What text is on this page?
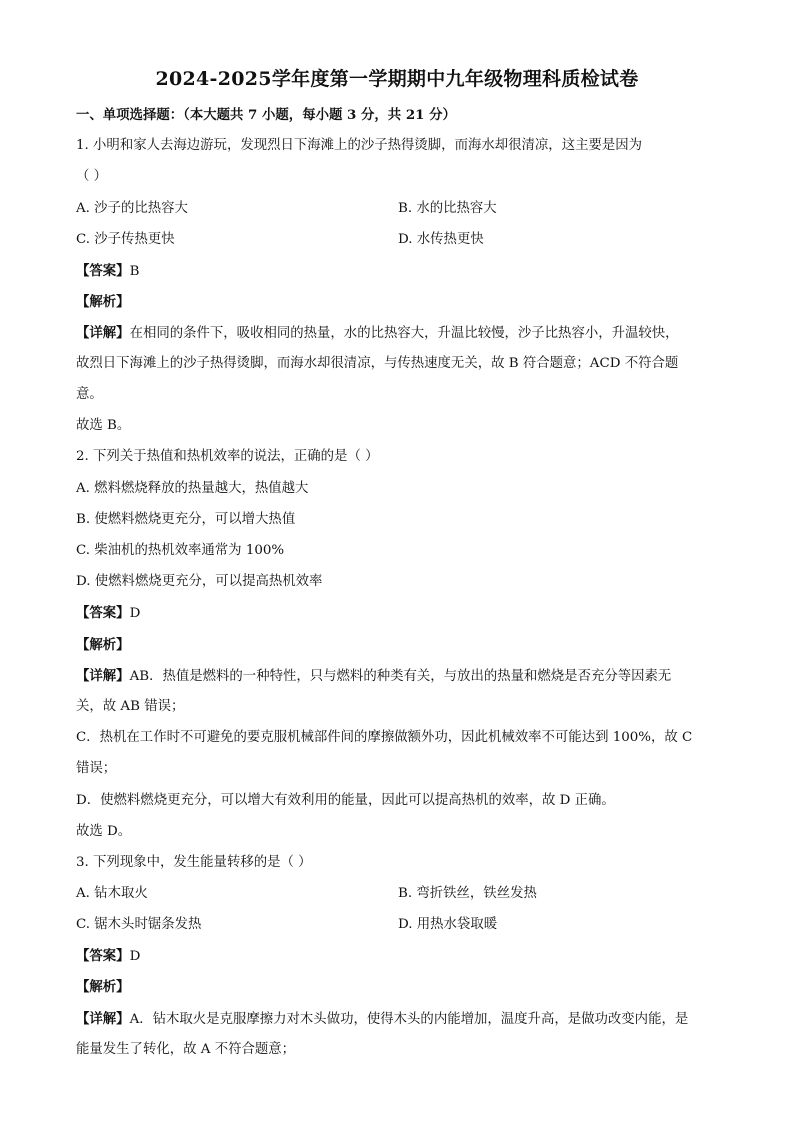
2024-2025学年度第一学期期中九年级物理科质检试卷
一、单项选择题：（本大题共 7 小题，每小题 3 分，共 21 分）
1. 小明和家人去海边游玩，发现烈日下海滩上的沙子热得烫脚，而海水却很清凉，这主要是因为
（ ）
A. 沙子的比热容大	B. 水的比热容大
C. 沙子传热更快	D. 水传热更快
【答案】B
【解析】
【详解】在相同的条件下，吸收相同的热量，水的比热容大，升温比较慢，沙子比热容小，升温较快，
故烈日下海滩上的沙子热得烫脚，而海水却很清凉，与传热速度无关，故 B 符合题意；ACD 不符合题
意。
故选 B。
2. 下列关于热值和热机效率的说法，正确的是（ ）
A. 燃料燃烧释放的热量越大，热值越大
B. 使燃料燃烧更充分，可以增大热值
C. 柴油机的热机效率通常为 100%
D. 使燃料燃烧更充分，可以提高热机效率
【答案】D
【解析】
【详解】AB．热值是燃料的一种特性，只与燃料的种类有关，与放出的热量和燃烧是否充分等因素无
关，故 AB 错误；
C．热机在工作时不可避免的要克服机械部件间的摩擦做额外功，因此机械效率不可能达到 100%，故 C
错误；
D．使燃料燃烧更充分，可以增大有效利用的能量，因此可以提高热机的效率，故 D 正确。
故选 D。
3. 下列现象中，发生能量转移的是（ ）
A. 钻木取火	B. 弯折铁丝，铁丝发热
C. 锯木头时锯条发热	D. 用热水袋取暖
【答案】D
【解析】
【详解】A．钻木取火是克服摩擦力对木头做功，使得木头的内能增加，温度升高，是做功改变内能，是
能量发生了转化，故 A 不符合题意；
